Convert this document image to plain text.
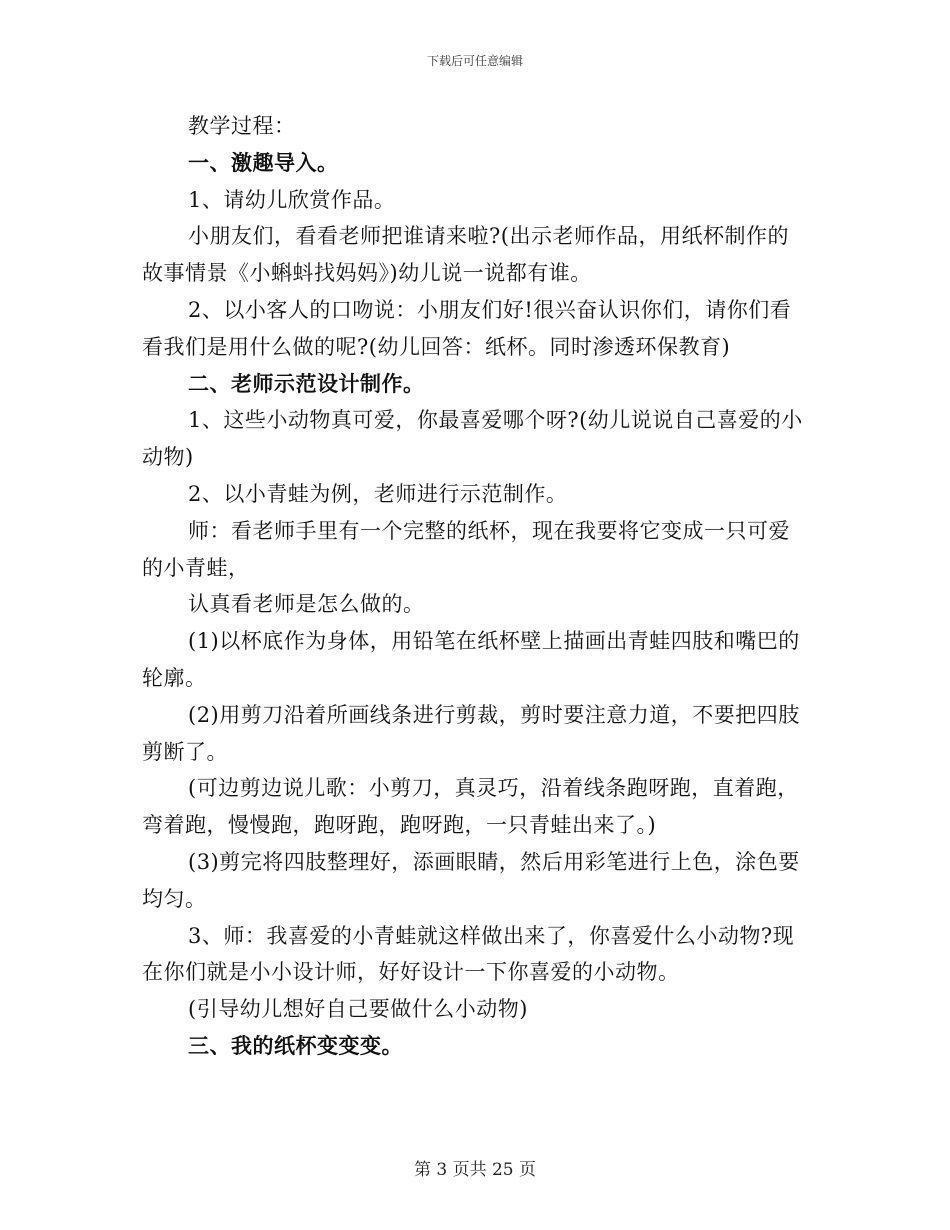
下载后可任意编辑
教学过程：
一、激趣导入。
1、请幼儿欣赏作品。
小朋友们，看看老师把谁请来啦?(出示老师作品，用纸杯制作的
故事情景《小蝌蚪找妈妈》)幼儿说一说都有谁。
2、以小客人的口吻说：小朋友们好!很兴奋认识你们，请你们看
看我们是用什么做的呢?(幼儿回答：纸杯。同时渗透环保教育)
二、老师示范设计制作。
1、这些小动物真可爱，你最喜爱哪个呀?(幼儿说说自己喜爱的小
动物)
2、以小青蛙为例，老师进行示范制作。
师：看老师手里有一个完整的纸杯，现在我要将它变成一只可爱
的小青蛙，
认真看老师是怎么做的。
(1)以杯底作为身体，用铅笔在纸杯壁上描画出青蛙四肢和嘴巴的
轮廓。
(2)用剪刀沿着所画线条进行剪裁，剪时要注意力道，不要把四肢
剪断了。
(可边剪边说儿歌：小剪刀，真灵巧，沿着线条跑呀跑，直着跑，
弯着跑，慢慢跑，跑呀跑，跑呀跑，一只青蛙出来了。)
(3)剪完将四肢整理好，添画眼睛，然后用彩笔进行上色，涂色要
均匀。
3、师：我喜爱的小青蛙就这样做出来了，你喜爱什么小动物?现
在你们就是小小设计师，好好设计一下你喜爱的小动物。
(引导幼儿想好自己要做什么小动物)
三、我的纸杯变变变。
第 3 页共 25 页
